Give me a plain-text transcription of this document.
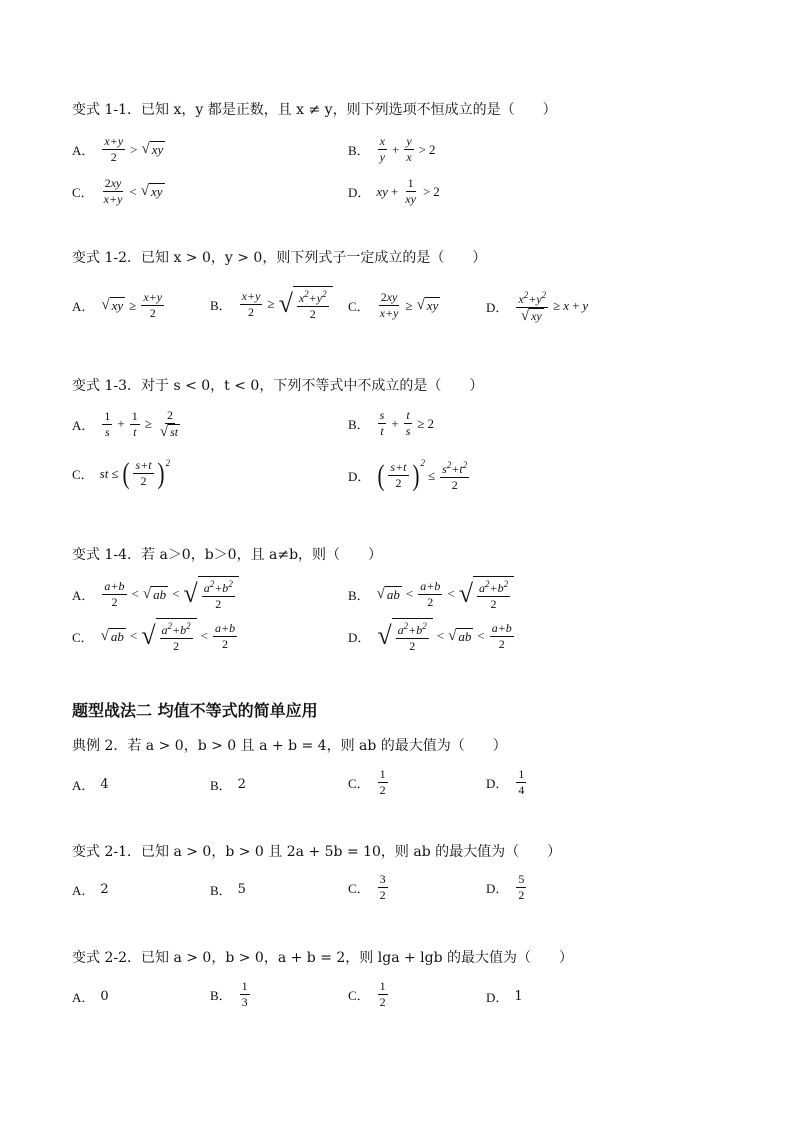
变式 1-1．已知 x，y 都是正数，且 x ≠ y，则下列选项不恒成立的是（　　）
A． $\frac{x+y}{2}$ > √ xy	B． $\frac{x}{y} + \frac{y}{x} > 2$
C． $\frac{2xy}{x+y}$ < √ xy	D． xy + $\frac{1}{xy} > 2$
变式 1-2．已知 x > 0，y > 0，则下列式子一定成立的是（　　）
A． √ xy ≥ $\frac{x+y}{2}$	B． $\frac{x+y}{2}$ ≥ √ $\frac{x^2+y^2}{2}$ C． $\frac{2xy}{x+y}$ ≥ √ xy	D． $\frac{x^2+y^2}{√ xy} \ge x + y$
变式 1-3．对于 s < 0，t < 0，下列不等式中不成立的是（　　）
A． $\frac{1}{s} + \frac{1}{t} \ge \frac{2}{√ st}$	B． $\frac{s}{t} + \frac{t}{s} \ge 2$
C． st ≤ ( $\frac{s+t}{2} )^2$
D． ( $\frac{s+t}{2} )^2$
≤ $\frac{s^2+t^2}{2}$
变式 1-4．若 a＞0，b＞0，且 a≠b，则（　　）
A． $\frac{a+b}{2}$ < √ ab < √ $\frac{a^2+b^2}{2}$	B． √ ab < $\frac{a+b}{2}$ < √ $\frac{a^2+b^2}{2}$
C． √ ab < √ $\frac{a^2+b^2}{2} < \frac{a+b}{2}$	D． √ $\frac{a^2+b^2}{2}$ < √ ab < $\frac{a+b}{2}$
题型战法二 均值不等式的简单应用
典例 2．若 a > 0，b > 0 且 a + b = 4，则 ab 的最大值为（　　）
A． 4	B． 2	C． $\frac{1}{2}$	D． $\frac{1}{4}$
变式 2-1．已知 a > 0，b > 0 且 2a + 5b = 10，则 ab 的最大值为（　　）
A． 2	B． 5	C． $\frac{3}{2}$	D． $\frac{5}{2}$
变式 2-2．已知 a > 0，b > 0，a + b = 2，则 lga + lgb 的最大值为（　　）
A． 0	B． $\frac{1}{3}$	C． $\frac{1}{2}$	D． 1
